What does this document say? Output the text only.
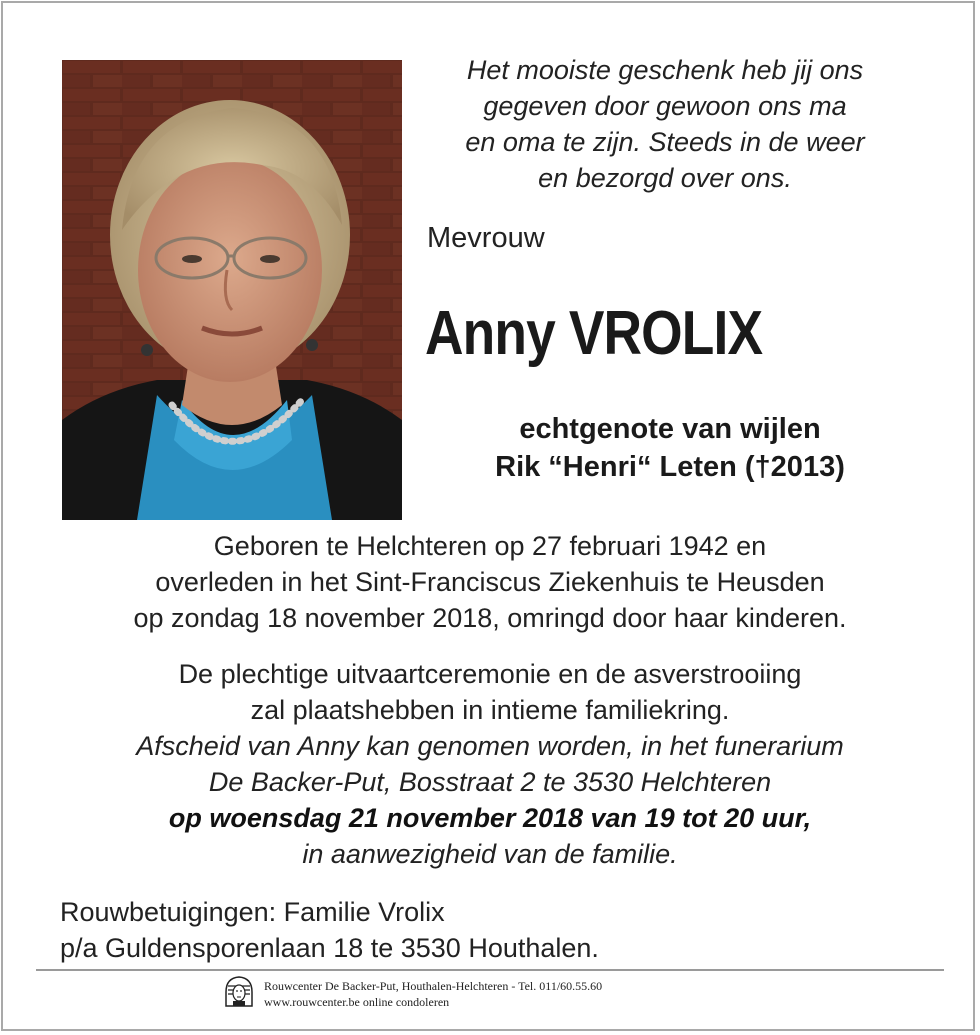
Het mooiste geschenk heb jij ons
gegeven door gewoon ons ma
en oma te zijn. Steeds in de weer
en bezorgd over ons.
Mevrouw
Anny VROLIX
echtgenote van wijlen
Rik “Henri“ Leten (†2013)
Geboren te Helchteren op 27 februari 1942 en
overleden in het Sint-Franciscus Ziekenhuis te Heusden
op zondag 18 november 2018, omringd door haar kinderen.
De plechtige uitvaartceremonie en de asverstrooiing
zal plaatshebben in intieme familiekring.
Afscheid van Anny kan genomen worden, in het funerarium
De Backer-Put, Bosstraat 2 te 3530 Helchteren
op woensdag 21 november 2018 van 19 tot 20 uur,
in aanwezigheid van de familie.
Rouwbetuigingen: Familie Vrolix
p/a Guldensporenlaan 18 te 3530 Houthalen.
Rouwcenter De Backer-Put, Houthalen-Helchteren - Tel. 011/60.55.60
www.rouwcenter.be online condoleren
